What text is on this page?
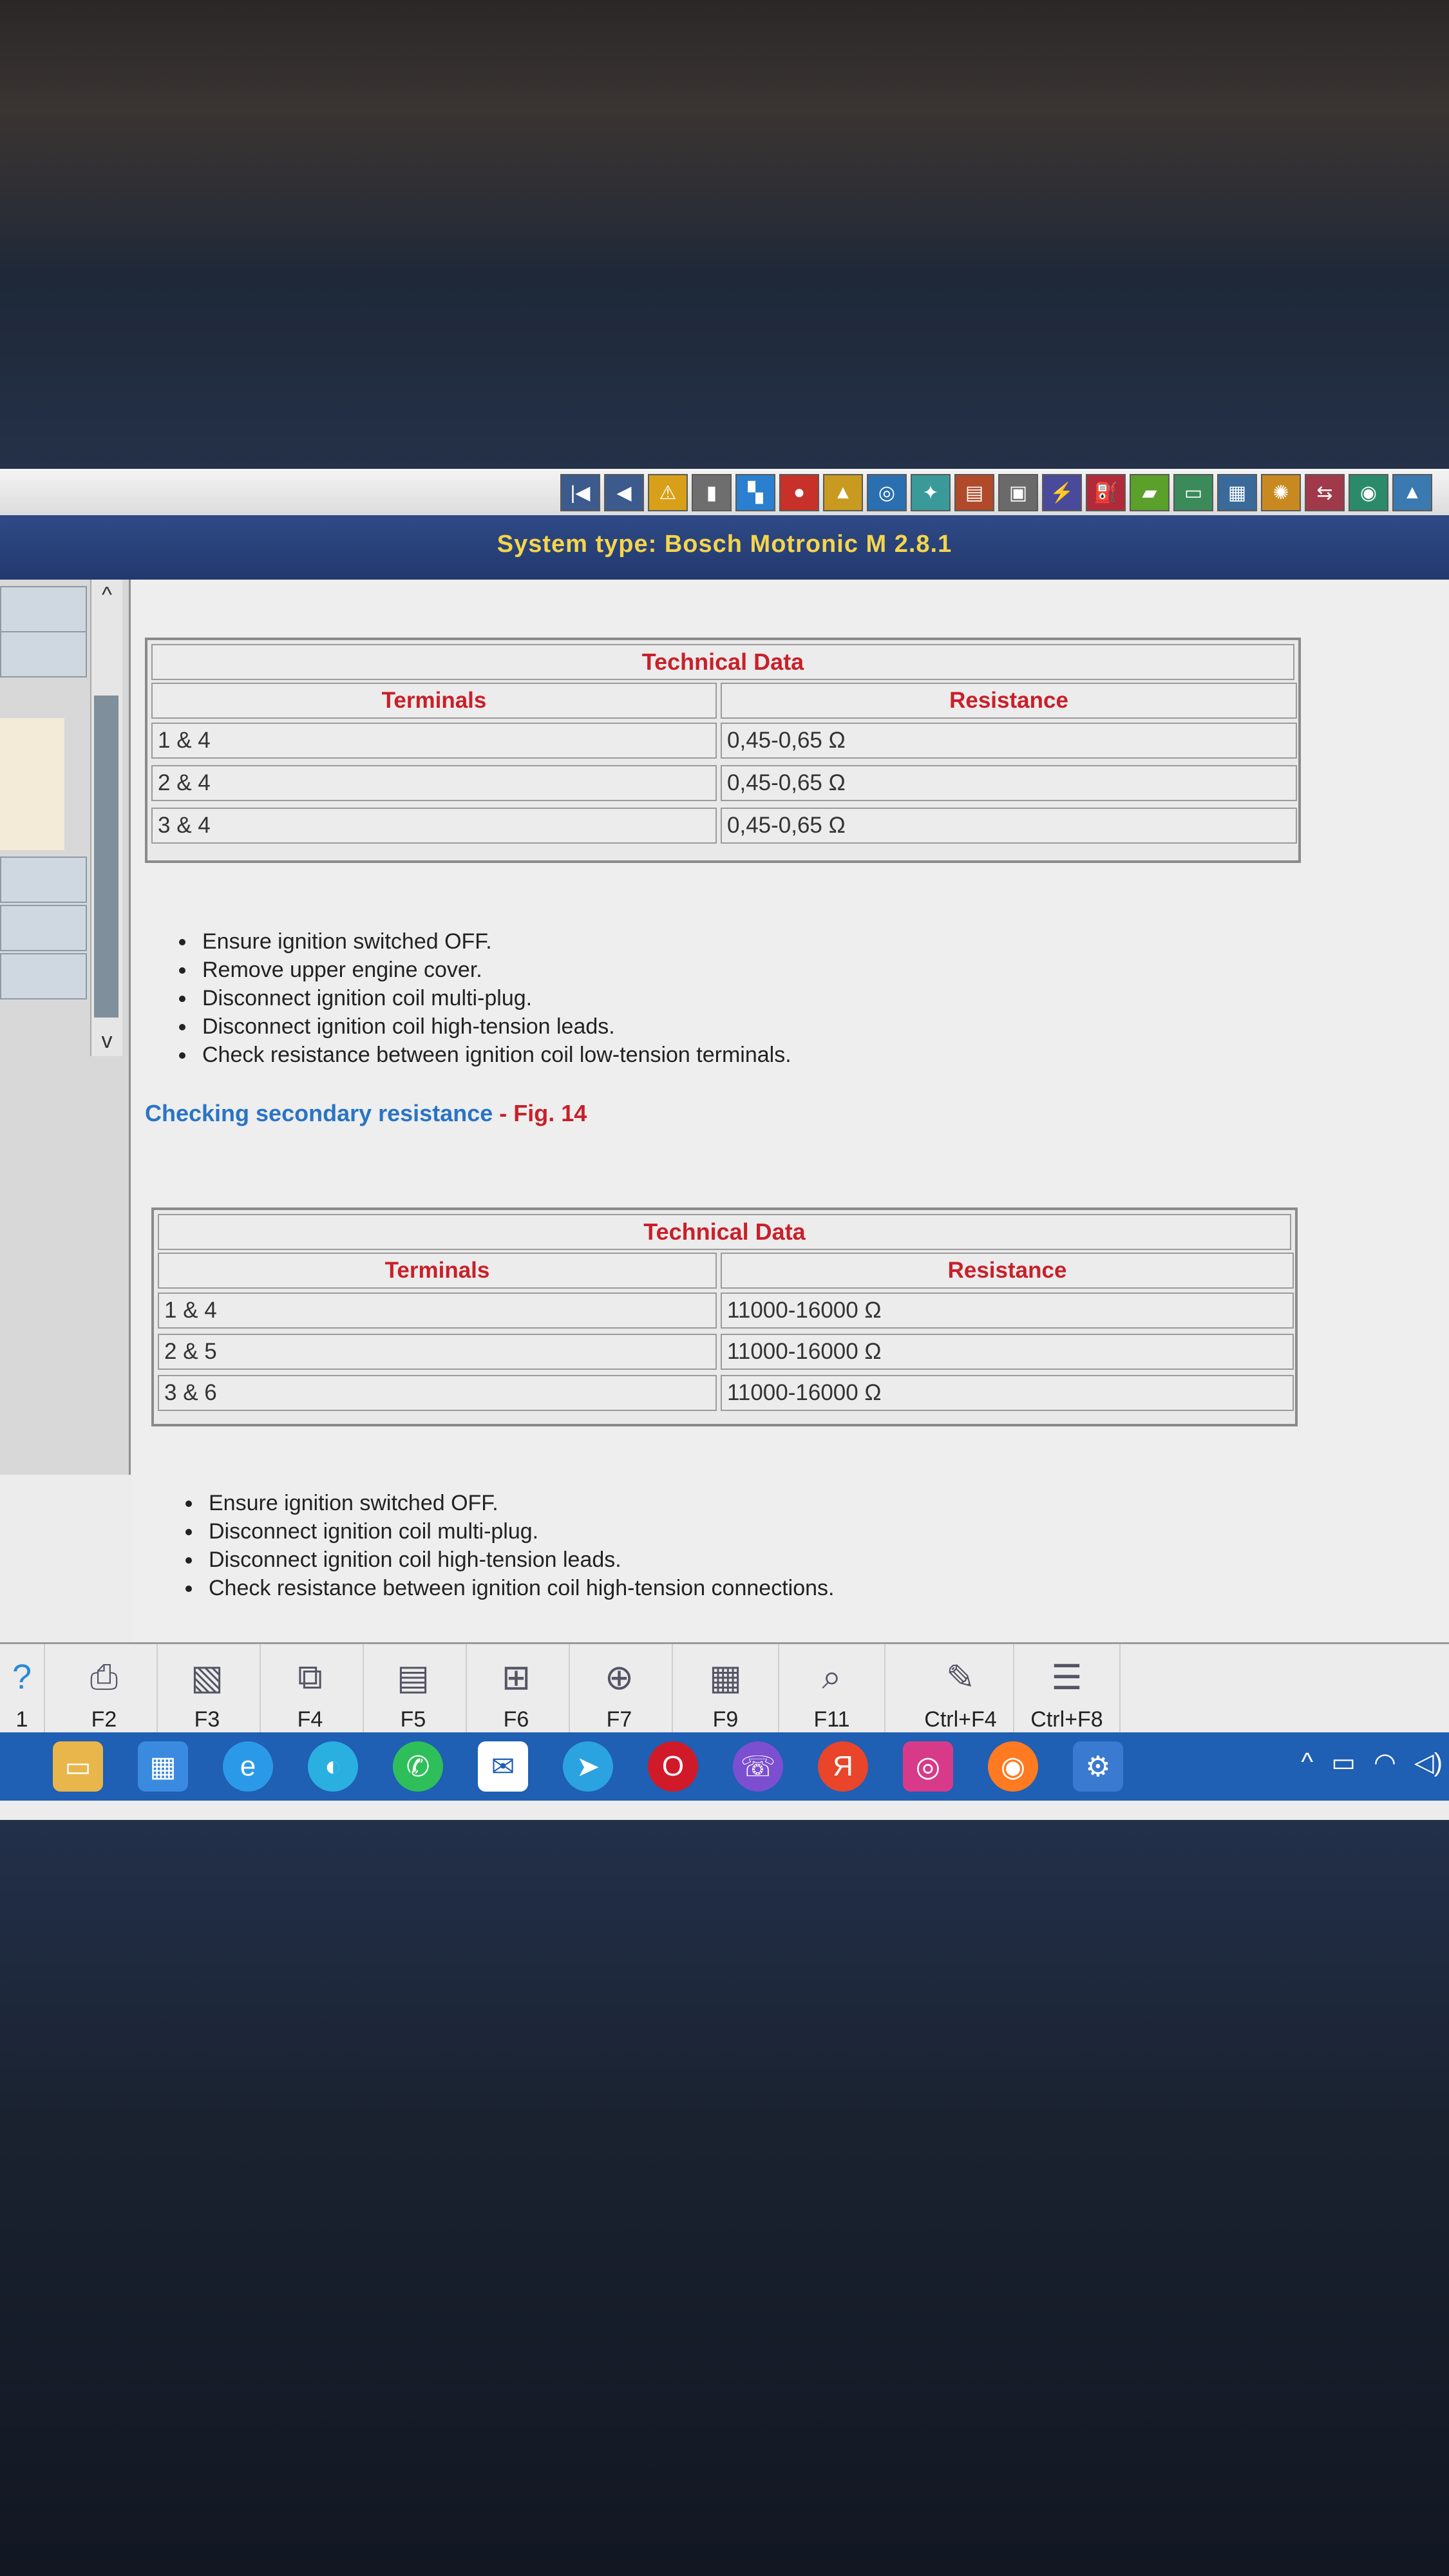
|◀	◀	⚠	▮	▚	●	▲	◎	✦	▤	▣	⚡	⛽	▰	▭	▦	✺	⇆	◉	▲
System type: Bosch Motronic M 2.8.1
^
v
Technical Data
Terminals	Resistance
1 & 4	0,45-0,65 Ω
2 & 4	0,45-0,65 Ω
3 & 4	0,45-0,65 Ω
Ensure ignition switched OFF.
Remove upper engine cover.
Disconnect ignition coil multi-plug.
Disconnect ignition coil high-tension leads.
Check resistance between ignition coil low-tension terminals.
Checking secondary resistance - Fig. 14
Technical Data
Terminals	Resistance
1 & 4	11000-16000 Ω
2 & 5	11000-16000 Ω
3 & 6	11000-16000 Ω
Ensure ignition switched OFF.
Disconnect ignition coil multi-plug.
Disconnect ignition coil high-tension leads.
Check resistance between ignition coil high-tension connections.
?
1
⎙
F2
▧
F3
⧉
F4
▤
F5
⊞
F6
⊕
F7
▦
F9
⌕
F11
✎
Ctrl+F4
☰
Ctrl+F8
^ ▭ ◠ ◁)
▭	▦	e	◐	✆	✉	➤	O	☏	Я	◎	◉	⚙
